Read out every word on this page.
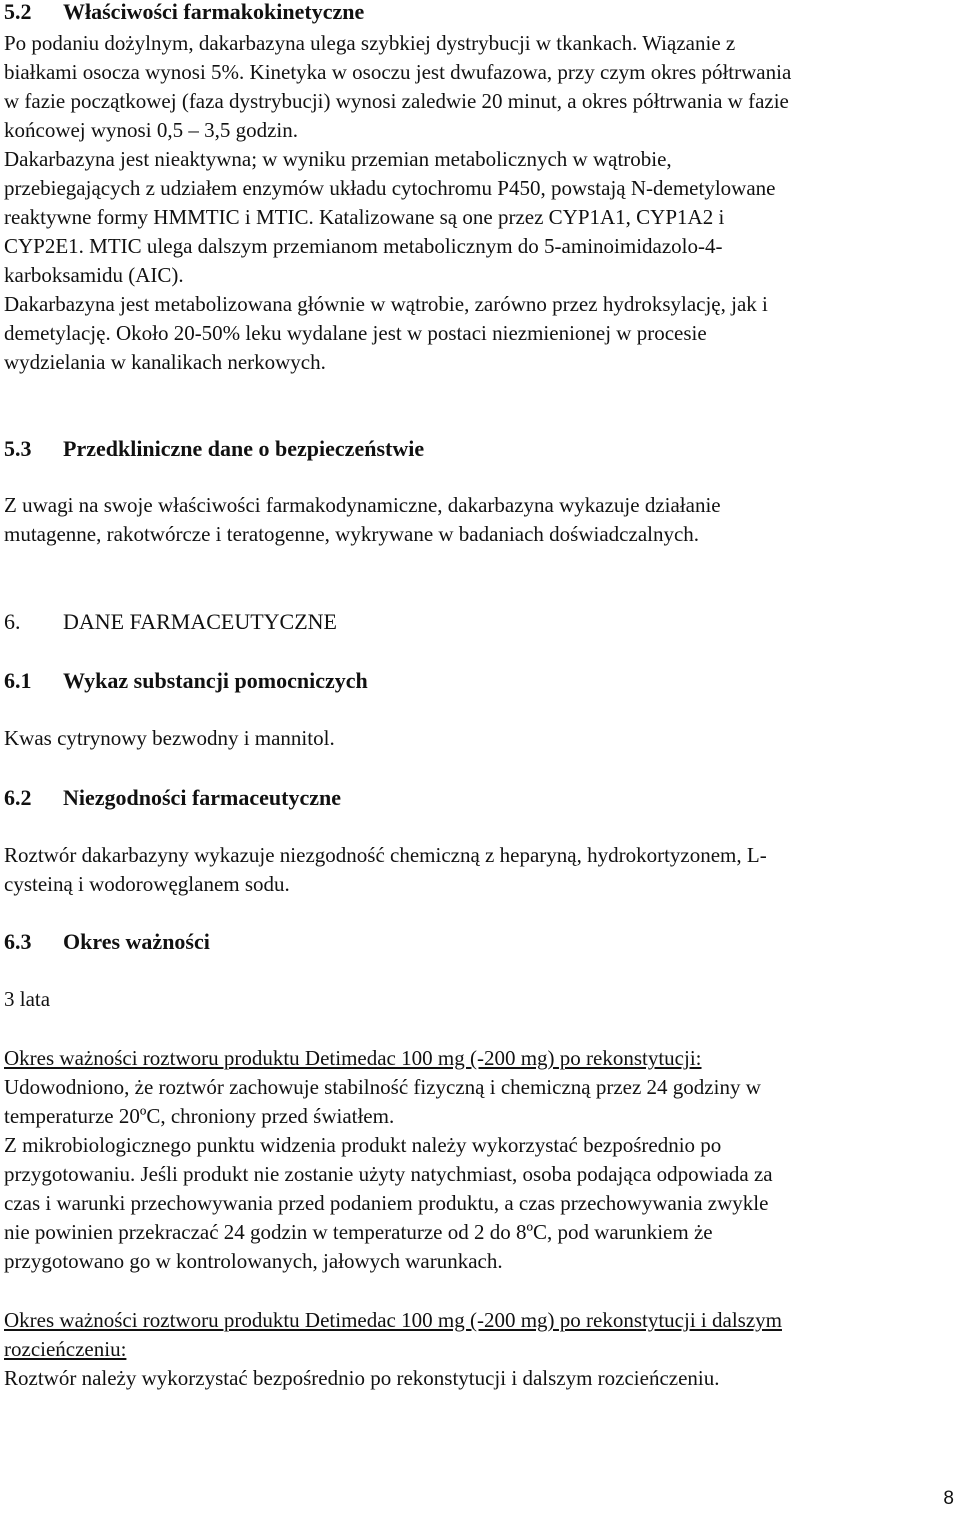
5.2 Właściwości farmakokinetyczne
Po podaniu dożylnym, dakarbazyna ulega szybkiej dystrybucji w tkankach. Wiązanie z
białkami osocza wynosi 5%. Kinetyka w osoczu jest dwufazowa, przy czym okres półtrwania
w fazie początkowej (faza dystrybucji) wynosi zaledwie 20 minut, a okres półtrwania w fazie
końcowej wynosi 0,5 – 3,5 godzin.
Dakarbazyna jest nieaktywna; w wyniku przemian metabolicznych w wątrobie,
przebiegających z udziałem enzymów układu cytochromu P450, powstają N-demetylowane
reaktywne formy HMMTIC i MTIC. Katalizowane są one przez CYP1A1, CYP1A2 i
CYP2E1. MTIC ulega dalszym przemianom metabolicznym do 5-aminoimidazolo-4-
karboksamidu (AIC).
Dakarbazyna jest metabolizowana głównie w wątrobie, zarówno przez hydroksylację, jak i
demetylację. Około 20-50% leku wydalane jest w postaci niezmienionej w procesie
wydzielania w kanalikach nerkowych.
5.3 Przedkliniczne dane o bezpieczeństwie
Z uwagi na swoje właściwości farmakodynamiczne, dakarbazyna wykazuje działanie
mutagenne, rakotwórcze i teratogenne, wykrywane w badaniach doświadczalnych.
6. DANE FARMACEUTYCZNE
6.1 Wykaz substancji pomocniczych
Kwas cytrynowy bezwodny i mannitol.
6.2 Niezgodności farmaceutyczne
Roztwór dakarbazyny wykazuje niezgodność chemiczną z heparyną, hydrokortyzonem, L-
cysteiną i wodorowęglanem sodu.
6.3 Okres ważności
3 lata
Okres ważności roztworu produktu Detimedac 100 mg (-200 mg) po rekonstytucji:
Udowodniono, że roztwór zachowuje stabilność fizyczną i chemiczną przez 24 godziny w
temperaturze 20ºC, chroniony przed światłem.
Z mikrobiologicznego punktu widzenia produkt należy wykorzystać bezpośrednio po
przygotowaniu. Jeśli produkt nie zostanie użyty natychmiast, osoba podająca odpowiada za
czas i warunki przechowywania przed podaniem produktu, a czas przechowywania zwykle
nie powinien przekraczać 24 godzin w temperaturze od 2 do 8ºC, pod warunkiem że
przygotowano go w kontrolowanych, jałowych warunkach.
Okres ważności roztworu produktu Detimedac 100 mg (-200 mg) po rekonstytucji i dalszym
rozcieńczeniu:
Roztwór należy wykorzystać bezpośrednio po rekonstytucji i dalszym rozcieńczeniu.
8
